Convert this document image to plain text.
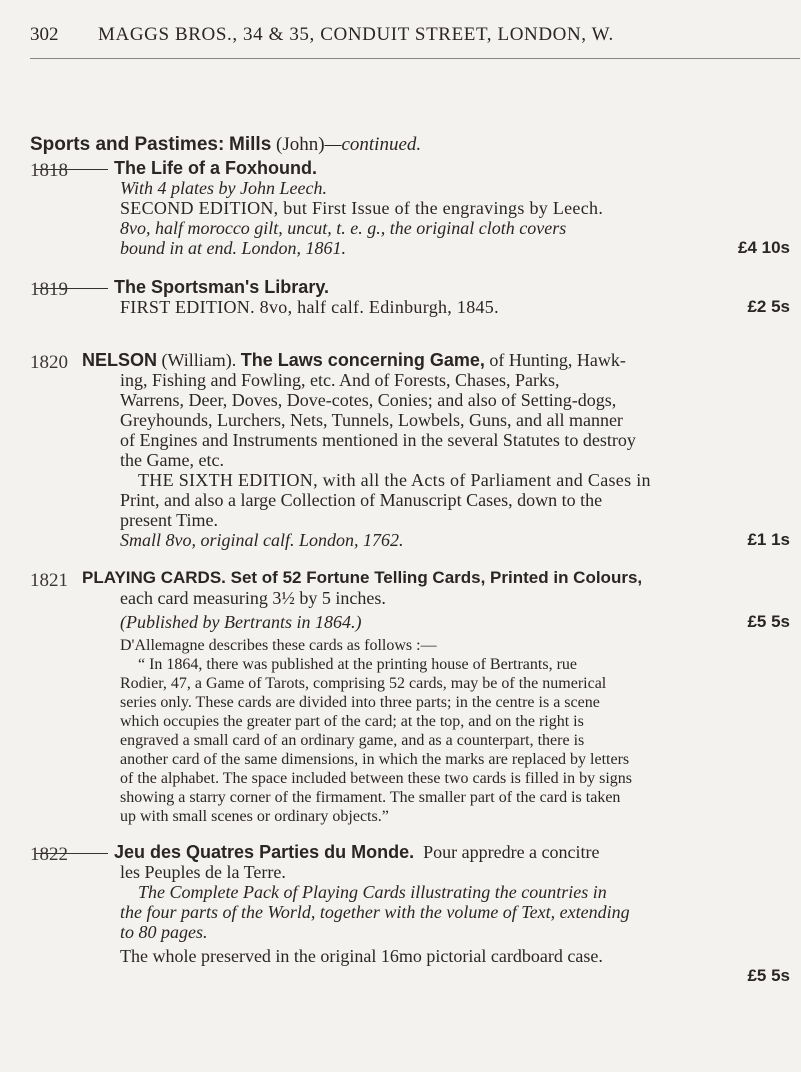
302 MAGGS BROS., 34 & 35, CONDUIT STREET, LONDON, W.
Sports and Pastimes: Mills (John)—continued.
1818	The Life of a Foxhound.

With 4 plates by John Leech.

SECOND EDITION, but First Issue of the engravings by Leech.

8vo, half morocco gilt, uncut, t. e. g., the original cloth covers

bound in at end. London, 1861.	£4 10s

1819	The Sportsman's Library.

FIRST EDITION. 8vo, half calf. Edinburgh, 1845.	£2 5s

1820 NELSON (William). The Laws concerning Game, of Hunting, Hawk-

ing, Fishing and Fowling, etc. And of Forests, Chases, Parks,

Warrens, Deer, Doves, Dove-cotes, Conies; and also of Setting-dogs,

Greyhounds, Lurchers, Nets, Tunnels, Lowbels, Guns, and all manner

of Engines and Instruments mentioned in the several Statutes to destroy

the Game, etc.

THE SIXTH EDITION, with all the Acts of Parliament and Cases in

Print, and also a large Collection of Manuscript Cases, down to the

present Time.

Small 8vo, original calf. London, 1762.	£1 1s

1821 PLAYING CARDS. Set of 52 Fortune Telling Cards, Printed in Colours,

each card measuring 3½ by 5 inches.

(Published by Bertrants in 1864.)	£5 5s

D'Allemagne describes these cards as follows :—

“ In 1864, there was published at the printing house of Bertrants, rue

Rodier, 47, a Game of Tarots, comprising 52 cards, may be of the numerical

series only. These cards are divided into three parts; in the centre is a scene

which occupies the greater part of the card; at the top, and on the right is

engraved a small card of an ordinary game, and as a counterpart, there is

another card of the same dimensions, in which the marks are replaced by letters

of the alphabet. The space included between these two cards is filled in by signs

showing a starry corner of the firmament. The smaller part of the card is taken

up with small scenes or ordinary objects.”

1822	Jeu des Quatres Parties du Monde. Pour appredre a concitre

les Peuples de la Terre.

The Complete Pack of Playing Cards illustrating the countries in

the four parts of the World, together with the volume of Text, extending

to 80 pages.

The whole preserved in the original 16mo pictorial cardboard case.

£5 5s
